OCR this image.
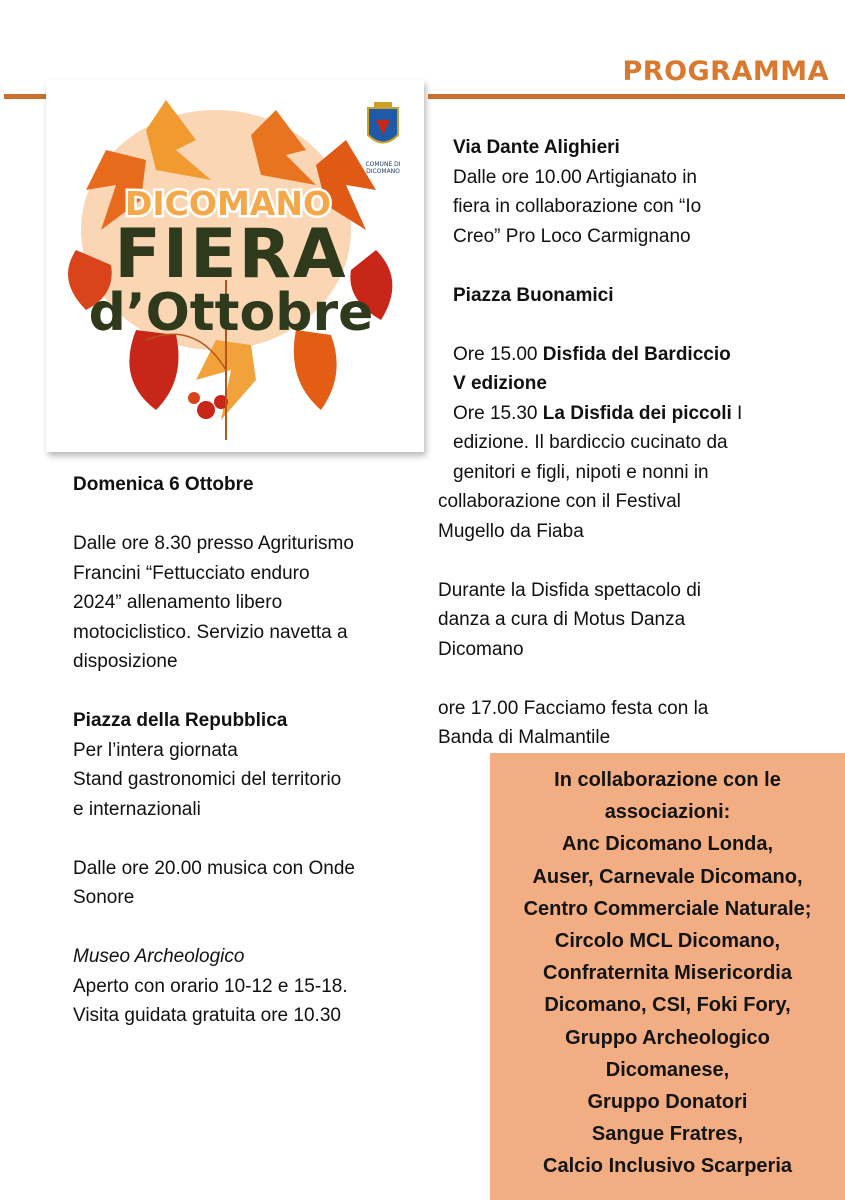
PROGRAMMA
COMUNE DI
DICOMANO
DICOMANO
FIERA
d’Ottobre

Domenica 6 Ottobre

Dalle ore 8.30 presso Agriturismo

Francini “Fettucciato enduro

2024” allenamento libero

motociclistico. Servizio navetta a

disposizione

Piazza della Repubblica

Per l’intera giornata

Stand gastronomici del territorio

e internazionali

Dalle ore 20.00 musica con Onde

Sonore

Museo Archeologico

Aperto con orario 10-12 e 15-18.

Visita guidata gratuita ore 10.30

Via Dante Alighieri

Dalle ore 10.00 Artigianato in

fiera in collaborazione con “Io

Creo” Pro Loco Carmignano

Piazza Buonamici

Ore 15.00 Disfida del Bardiccio

V edizione

Ore 15.30 La Disfida dei piccoli I

edizione. Il bardiccio cucinato da

genitori e figli, nipoti e nonni in

collaborazione con il Festival

Mugello da Fiaba

Durante la Disfida spettacolo di

danza a cura di Motus Danza

Dicomano

ore 17.00 Facciamo festa con la

Banda di Malmantile

In collaborazione con le
associazioni:
Anc Dicomano Londa,
Auser, Carnevale Dicomano,
Centro Commerciale Naturale;
Circolo MCL Dicomano,
Confraternita Misericordia
Dicomano, CSI, Foki Fory,
Gruppo Archeologico
Dicomanese,
Gruppo Donatori
Sangue Fratres,
Calcio Inclusivo Scarperia
